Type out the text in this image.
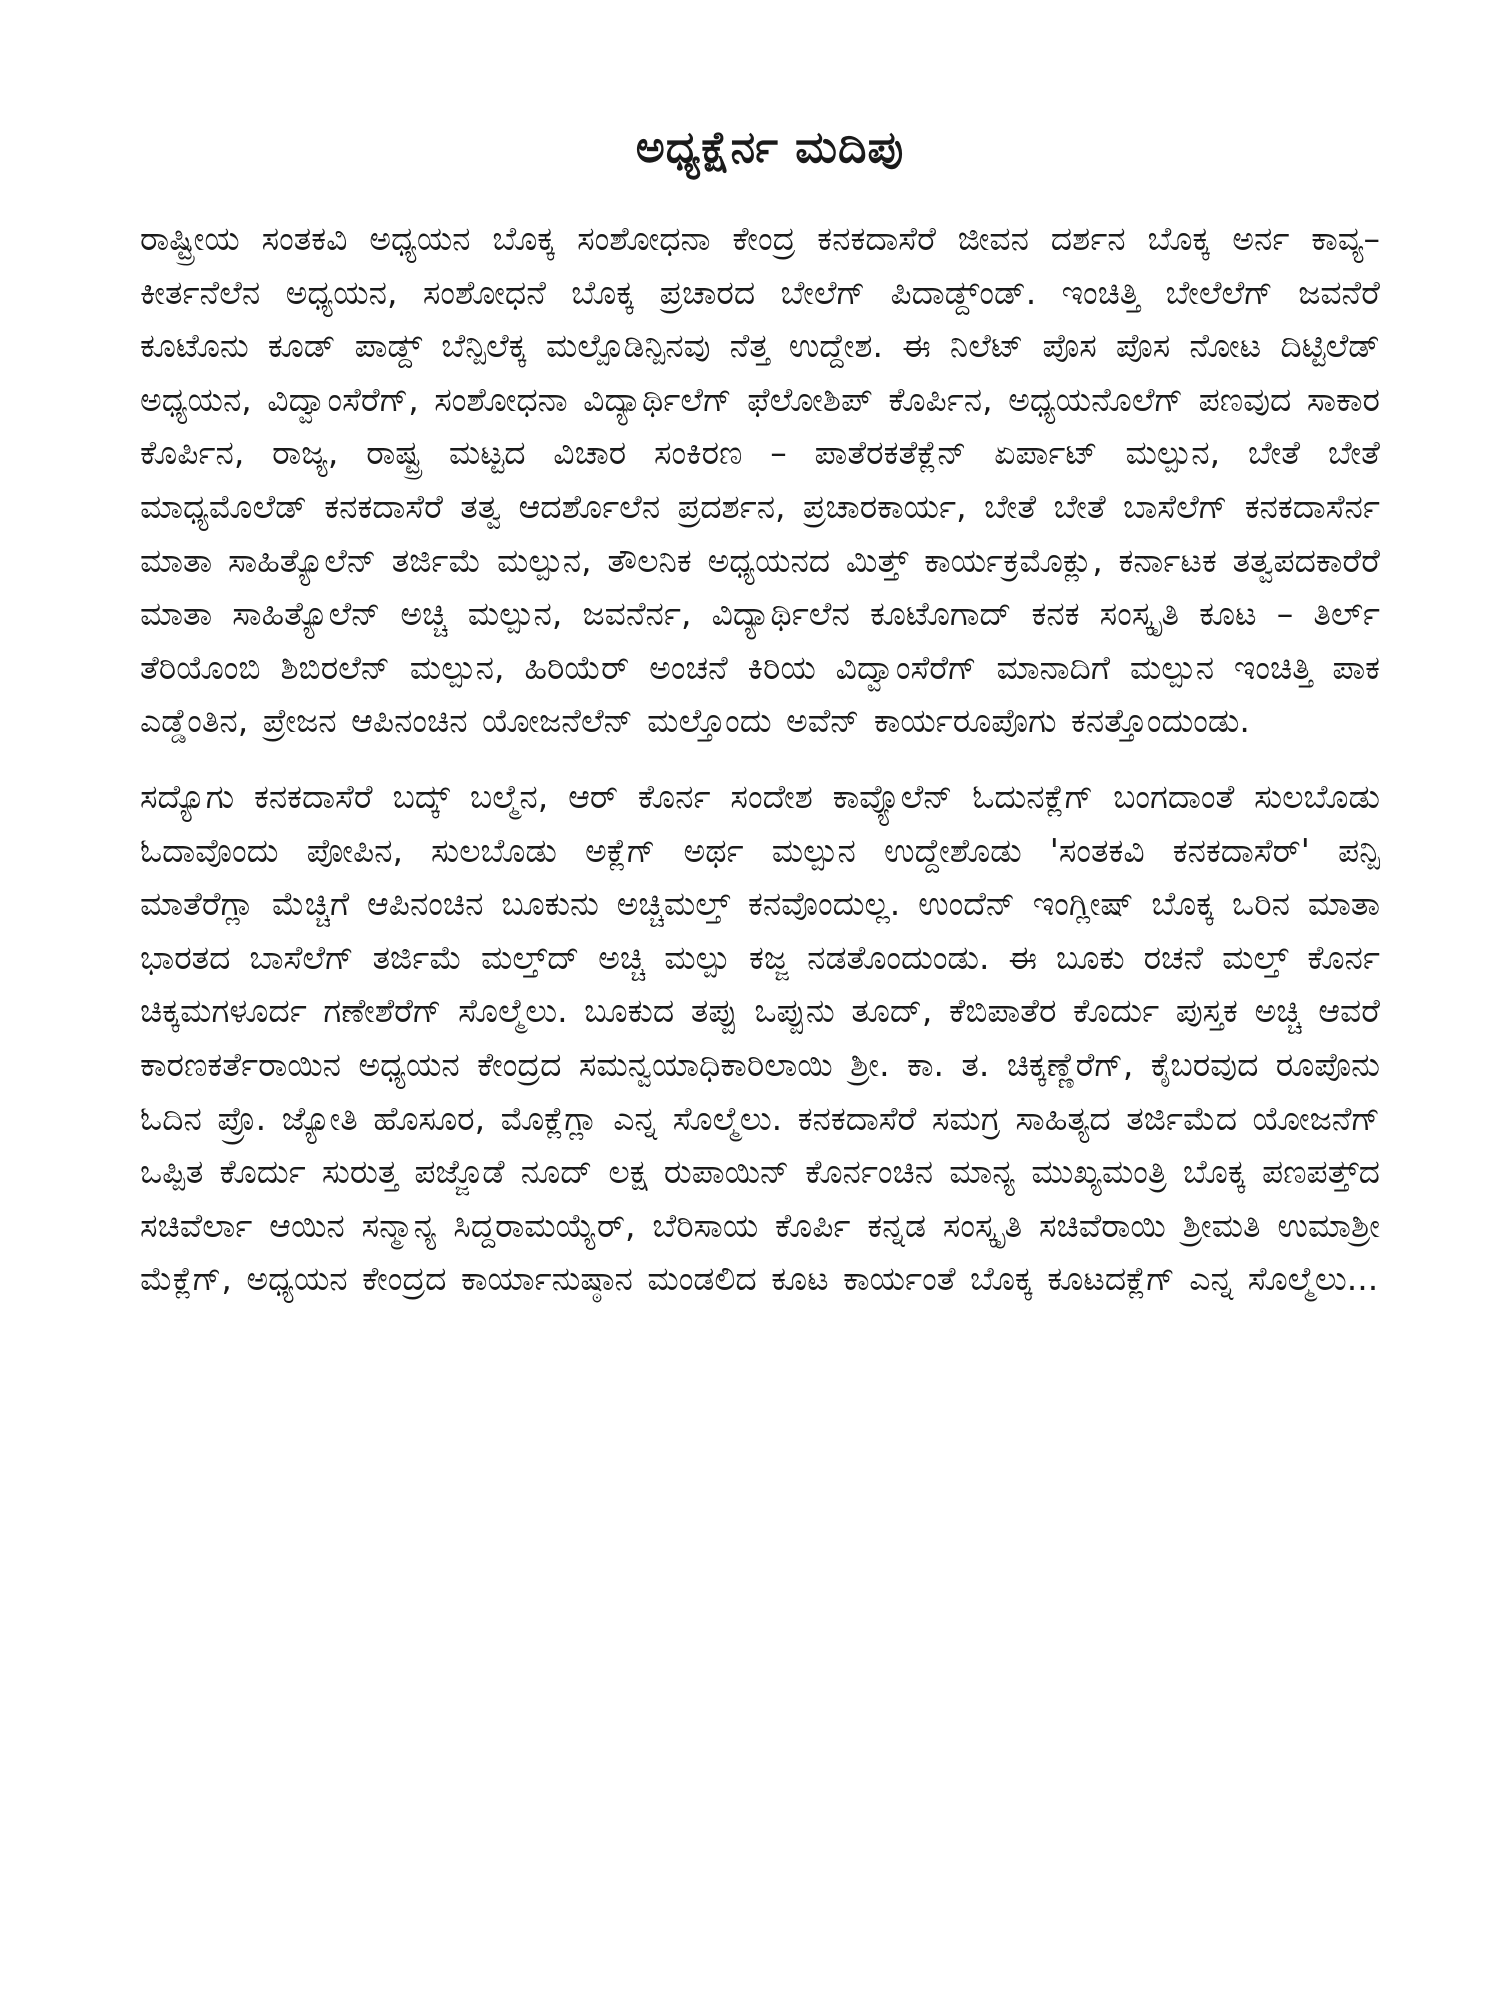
ಅಧ್ಯಕ್ಷೆರ್ನ ಮದಿಪು

ರಾಷ್ಟ್ರೀಯ ಸಂತಕವಿ ಅಧ್ಯಯನ ಬೊಕ್ಕ ಸಂಶೋಧನಾ ಕೇಂದ್ರ ಕನಕದಾಸೆರೆ ಜೀವನ ದರ್ಶನ ಬೊಕ್ಕ ಅರ್ನ ಕಾವ್ಯ–ಕೀರ್ತನೆಲೆನ ಅಧ್ಯಯನ, ಸಂಶೋಧನೆ ಬೊಕ್ಕ ಪ್ರಚಾರದ ಬೇಲೆಗ್ ಪಿದಾಡ್ದ್‌ಂಡ್. ಇಂಚಿತ್ತಿ ಬೇಲೆಲೆಗ್ ಜವನೆರೆ ಕೂಟೊನು ಕೂಡ್ ಪಾಡ್ದ್ ಬೆನ್ಪಿಲೆಕ್ಕ ಮಲ್ಪೊಡಿನ್ಪಿನವು ನೆತ್ತ ಉದ್ದೇಶ. ಈ ನಿಲೆಟ್ ಪೊಸ ಪೊಸ ನೋಟ ದಿಟ್ಟಿಲೆಡ್ ಅಧ್ಯಯನ, ವಿದ್ವಾಂಸೆರೆಗ್, ಸಂಶೋಧನಾ ವಿದ್ಯಾರ್ಥಿಲೆಗ್ ಫೆಲೋಶಿಪ್ ಕೊರ್ಪಿನ, ಅಧ್ಯಯನೊಲೆಗ್ ಪಣವುದ ಸಾಕಾರ ಕೊರ್ಪಿನ, ರಾಜ್ಯ, ರಾಷ್ಟ್ರ ಮಟ್ಟದ ವಿಚಾರ ಸಂಕಿರಣ – ಪಾತೆರಕತೆಕ್ಲೆನ್ ಏರ್ಪಾಟ್ ಮಲ್ಪುನ, ಬೇತೆ ಬೇತೆ ಮಾಧ್ಯಮೊಲೆಡ್ ಕನಕದಾಸೆರೆ ತತ್ವ ಆದರ್ಶೊಲೆನ ಪ್ರದರ್ಶನ, ಪ್ರಚಾರಕಾರ್ಯ, ಬೇತೆ ಬೇತೆ ಬಾಸೆಲೆಗ್ ಕನಕದಾಸೆರ್ನ ಮಾತಾ ಸಾಹಿತ್ಯೊಲೆನ್ ತರ್ಜಿಮೆ ಮಲ್ಪುನ, ತೌಲನಿಕ ಅಧ್ಯಯನದ ಮಿತ್ತ್ ಕಾರ್ಯಕ್ರಮೊಕ್ಲು, ಕರ್ನಾಟಕ ತತ್ವಪದಕಾರೆರೆ ಮಾತಾ ಸಾಹಿತ್ಯೊಲೆನ್ ಅಚ್ಚಿ ಮಲ್ಪುನ, ಜವನೆರ್ನ, ವಿದ್ಯಾರ್ಥಿಲೆನ ಕೂಟೊಗಾದ್ ಕನಕ ಸಂಸ್ಕೃತಿ ಕೂಟ – ತಿರ್ಲ್ ತೆರಿಯೊಂಬಿ ಶಿಬಿರಲೆನ್ ಮಲ್ಪುನ, ಹಿರಿಯೆರ್ ಅಂಚನೆ ಕಿರಿಯ ವಿದ್ವಾಂಸೆರೆಗ್ ಮಾನಾದಿಗೆ ಮಲ್ಪುನ ಇಂಚಿತ್ತಿ ಪಾಕ ಎಡ್ಡೆಂತಿನ, ಪ್ರೇಜನ ಆಪಿನಂಚಿನ ಯೋಜನೆಲೆನ್ ಮಲ್ತೊಂದು ಅವೆನ್ ಕಾರ್ಯರೂಪೊಗು ಕನತ್ತೊಂದುಂಡು.

ಸದ್ಯೊಗು ಕನಕದಾಸೆರೆ ಬದ್ಕ್ ಬಲ್ಮೆನ, ಆರ್ ಕೊರ್ನ ಸಂದೇಶ ಕಾವ್ಯೊಲೆನ್ ಓದುನಕ್ಲೆಗ್ ಬಂಗದಾಂತೆ ಸುಲಬೊಡು ಓದಾವೊಂದು ಪೋಪಿನ, ಸುಲಬೊಡು ಅಕ್ಲೆಗ್ ಅರ್ಥ ಮಲ್ಪುನ ಉದ್ದೇಶೊಡು 'ಸಂತಕವಿ ಕನಕದಾಸೆರ್' ಪನ್ಪಿ ಮಾತೆರೆಗ್ಲಾ ಮೆಚ್ಚಿಗೆ ಆಪಿನಂಚಿನ ಬೂಕುನು ಅಚ್ಚಿಮಲ್ತ್ ಕನವೊಂದುಲ್ಲ. ಉಂದೆನ್ ಇಂಗ್ಲೀಷ್ ಬೊಕ್ಕ ಒರಿನ ಮಾತಾ ಭಾರತದ ಬಾಸೆಲೆಗ್ ತರ್ಜಿಮೆ ಮಲ್ತ್‌ದ್ ಅಚ್ಚಿ ಮಲ್ಪು ಕಜ್ಜ ನಡತೊಂದುಂಡು. ಈ ಬೂಕು ರಚನೆ ಮಲ್ತ್ ಕೊರ್ನ ಚಿಕ್ಕಮಗಳೂರ್ದ ಗಣೇಶೆರೆಗ್ ಸೊಲ್ಮೆಲು. ಬೂಕುದ ತಪ್ಪು ಒಪ್ಪುನು ತೂದ್, ಕೆಬಿಪಾತೆರ ಕೊರ್ದು ಪುಸ್ತಕ ಅಚ್ಚಿ ಆವರೆ ಕಾರಣಕರ್ತೆರಾಯಿನ ಅಧ್ಯಯನ ಕೇಂದ್ರದ ಸಮನ್ವಯಾಧಿಕಾರಿಲಾಯಿ ಶ್ರೀ. ಕಾ. ತ. ಚಿಕ್ಕಣ್ಣೆರೆಗ್, ಕೈಬರವುದ ರೂಪೊನು ಓದಿನ ಪ್ರೊ. ಜ್ಯೋತಿ ಹೊಸೂರ, ಮೊಕ್ಲೆಗ್ಲಾ ಎನ್ನ ಸೊಲ್ಮೆಲು. ಕನಕದಾಸೆರೆ ಸಮಗ್ರ ಸಾಹಿತ್ಯದ ತರ್ಜಿಮೆದ ಯೋಜನೆಗ್ ಒಪ್ಪಿತ ಕೊರ್ದು ಸುರುತ್ತ ಪಜ್ಜೊಡೆ ನೂದ್ ಲಕ್ಷ ರುಪಾಯಿನ್ ಕೊರ್ನಂಚಿನ ಮಾನ್ಯ ಮುಖ್ಯಮಂತ್ರಿ ಬೊಕ್ಕ ಪಣಪತ್ತ್‌ದ ಸಚಿವೆರ್ಲಾ ಆಯಿನ ಸನ್ಮಾನ್ಯ ಸಿದ್ದರಾಮಯ್ಯೆರ್, ಬೆರಿಸಾಯ ಕೊರ್ಪಿ ಕನ್ನಡ ಸಂಸ್ಕೃತಿ ಸಚಿವೆರಾಯಿ ಶ್ರೀಮತಿ ಉಮಾಶ್ರೀ ಮೆಕ್ಲೆಗ್, ಅಧ್ಯಯನ ಕೇಂದ್ರದ ಕಾರ್ಯಾನುಷ್ಠಾನ ಮಂಡಲಿದ ಕೂಟ ಕಾರ್ಯಂತೆ ಬೊಕ್ಕ ಕೂಟದಕ್ಲೆಗ್ ಎನ್ನ ಸೊಲ್ಮೆಲು...
